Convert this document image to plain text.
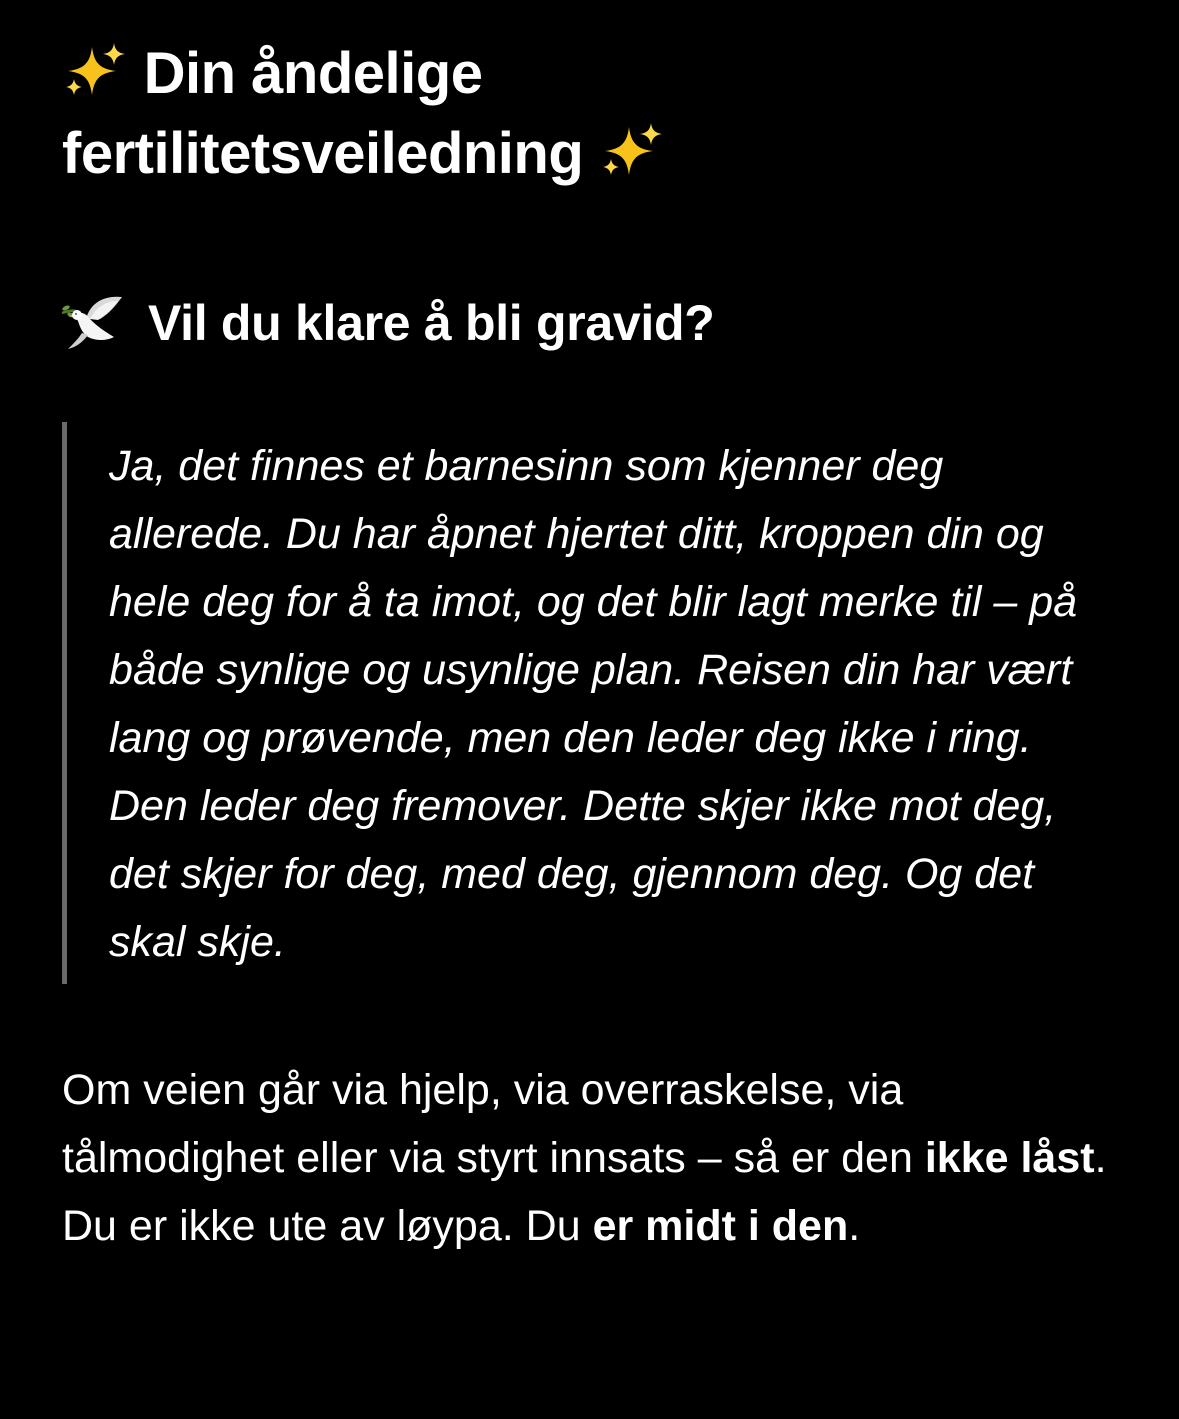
Din åndelige
fertilitetsveiledning
Vil du klare å bli gravid?
Ja, det finnes et barnesinn som kjenner deg allerede. Du har åpnet hjertet ditt, kroppen din og hele deg for å ta imot, og det blir lagt merke til – på både synlige og usynlige plan. Reisen din har vært lang og prøvende, men den leder deg ikke i ring. Den leder deg fremover. Dette skjer ikke mot deg, det skjer for deg, med deg, gjennom deg. Og det skal skje.

Om veien går via hjelp, via overraskelse, via tålmodighet eller via styrt innsats – så er den ikke låst. Du er ikke ute av løypa. Du er midt i den.
